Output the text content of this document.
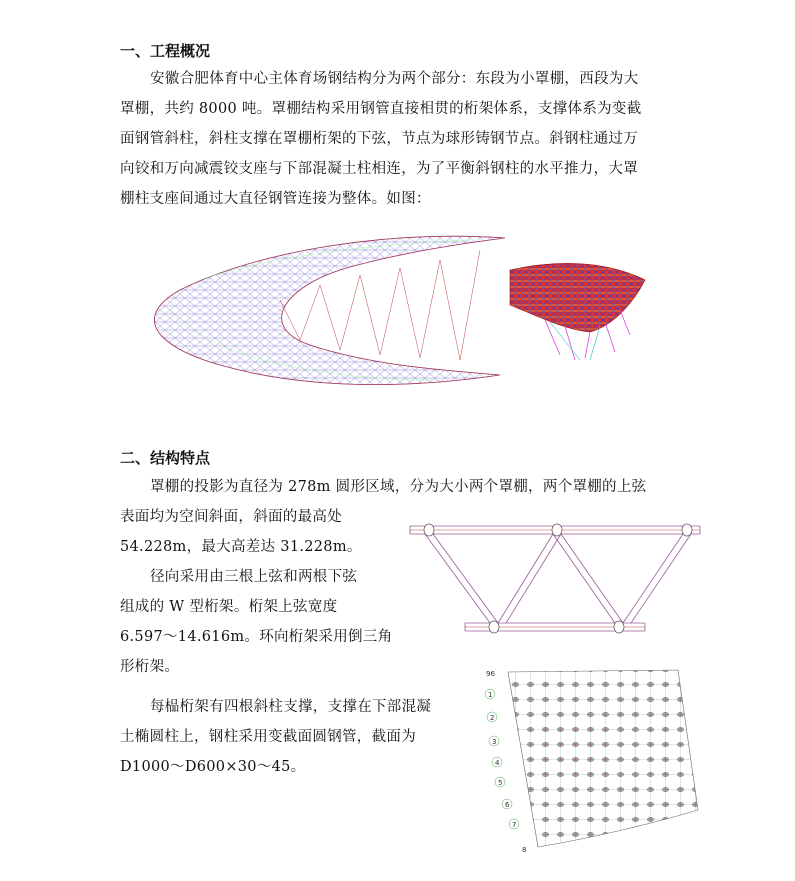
一、工程概况
安徽合肥体育中心主体育场钢结构分为两个部分：东段为小罩棚，西段为大
罩棚，共约 8000 吨。罩棚结构采用钢管直接相贯的桁架体系，支撑体系为变截
面钢管斜柱，斜柱支撑在罩棚桁架的下弦，节点为球形铸钢节点。斜钢柱通过万
向铰和万向减震铰支座与下部混凝土柱相连，为了平衡斜钢柱的水平推力，大罩
棚柱支座间通过大直径钢管连接为整体。如图：
二、结构特点
罩棚的投影为直径为 278m 圆形区域，分为大小两个罩棚，两个罩棚的上弦
表面均为空间斜面，斜面的最高处
54.228m，最大高差达 31.228m。
径向采用由三根上弦和两根下弦
组成的 W 型桁架。桁架上弦宽度
6.597～14.616m。环向桁架采用倒三角
形桁架。
每榀桁架有四根斜柱支撑，支撑在下部混凝
土椭圆柱上，钢柱采用变截面圆钢管，截面为
D1000～D600×30～45。
96
1
2
3
4
5
6
7
8
